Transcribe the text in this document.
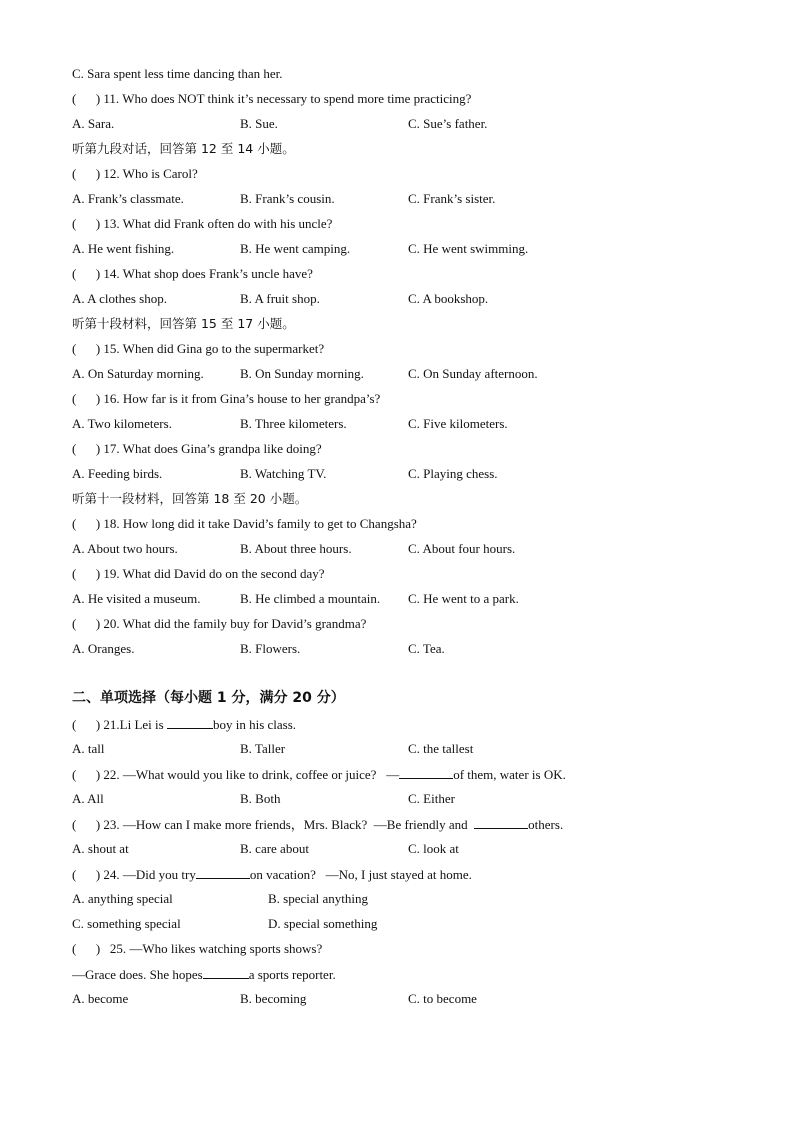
C. Sara spent less time dancing than her.
(      ) 11. Who does NOT think it’s necessary to spend more time practicing?
A. Sara.	B. Sue.	C. Sue’s father.
听第九段对话，回答第 12 至 14 小题。
(      ) 12. Who is Carol?
A. Frank’s classmate.	B. Frank’s cousin.	C. Frank’s sister.
(      ) 13. What did Frank often do with his uncle?
A. He went fishing.	B. He went camping.	C. He went swimming.
(      ) 14. What shop does Frank’s uncle have?
A. A clothes shop.	B. A fruit shop.	C. A bookshop.
听第十段材料，回答第 15 至 17 小题。
(      ) 15. When did Gina go to the supermarket?
A. On Saturday morning.	B. On Sunday morning.	C. On Sunday afternoon.
(      ) 16. How far is it from Gina’s house to her grandpa’s?
A. Two kilometers.	B. Three kilometers.	C. Five kilometers.
(      ) 17. What does Gina’s grandpa like doing?
A. Feeding birds.	B. Watching TV.	C. Playing chess.
听第十一段材料，回答第 18 至 20 小题。
(      ) 18. How long did it take David’s family to get to Changsha?
A. About two hours.	B. About three hours.	C. About four hours.
(      ) 19. What did David do on the second day?
A. He visited a museum.	B. He climbed a mountain. C. He went to a park.
(      ) 20. What did the family buy for David’s grandma?
A. Oranges.	B. Flowers.	C. Tea.
二、单项选择（每小题 1 分，满分 20 分）
(      ) 21.Li Lei is	boy in his class.
A. tall	B. Taller	C. the tallest
(      ) 22. —What would you like to drink, coffee or juice?   —	of them, water is OK.
A. All	B. Both	C. Either
(      ) 23. —How can I make more friends，Mrs. Black?  —Be friendly and	others.
A. shout at	B. care about	C. look at
(      ) 24. —Did you try	on vacation?   —No, I just stayed at home.
A. anything special	B. special anything
C. something special	D. special something
(      )   25. —Who likes watching sports shows?
—Grace does. She hopes	a sports reporter.
A. become	B. becoming	C. to become
